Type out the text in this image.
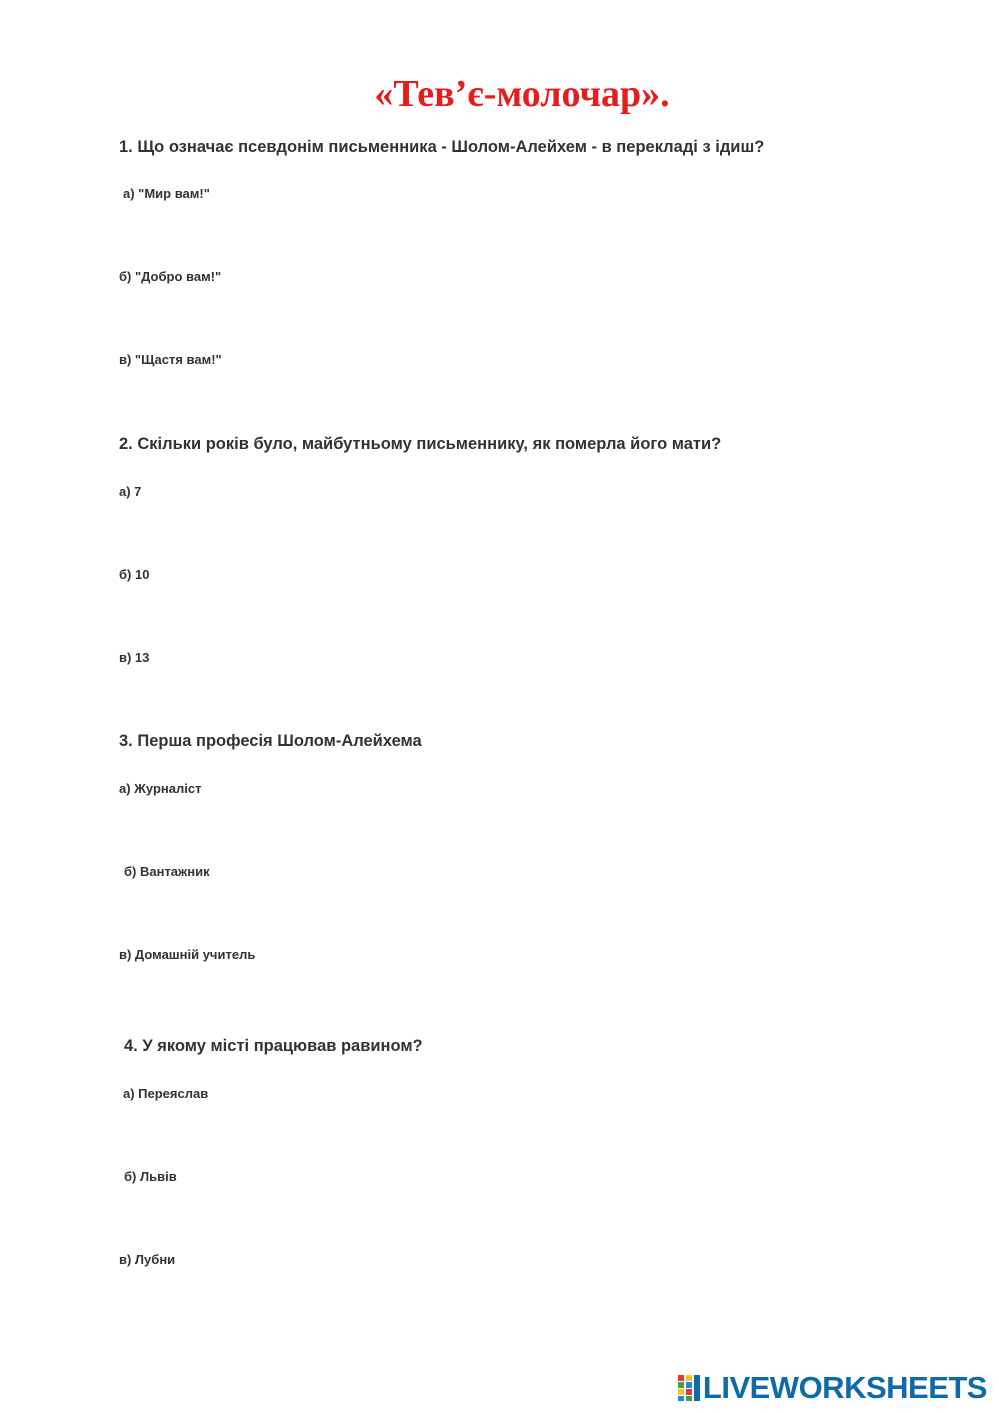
«Тев’є-молочар».
1. Що означає псевдонім письменника - Шолом-Алейхем - в перекладі з ідиш?
а) "Мир вам!"
б) "Добро вам!"
в) "Щастя вам!"
2. Скільки років було, майбутньому письменнику, як померла його мати?
а) 7
б) 10
в) 13
3. Перша професія Шолом-Алейхема
а) Журналіст
б) Вантажник
в) Домашній учитель
4. У якому місті працював равином?
а) Переяслав
б) Львів
в) Лубни
LIVEWORKSHEETS
